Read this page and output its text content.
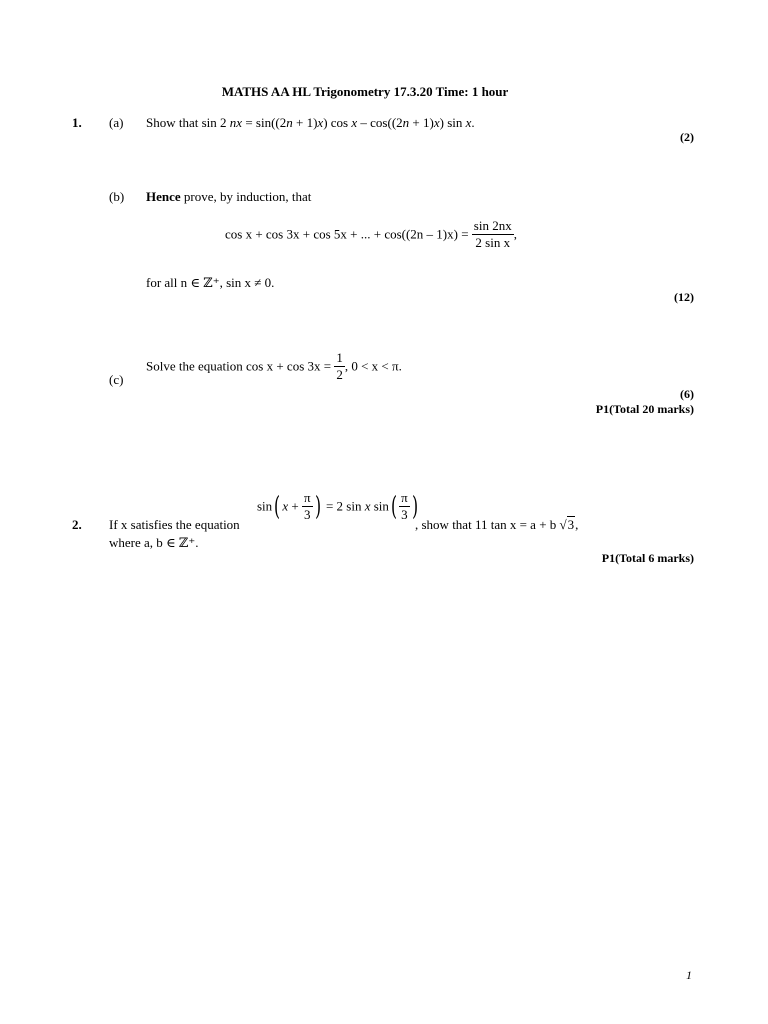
MATHS AA HL Trigonometry 17.3.20 Time: 1 hour
1. (a) Show that sin 2 nx = sin((2n + 1)x) cos x – cos((2n + 1)x) sin x.
(2)
(b) Hence prove, by induction, that
cos x + cos 3x + cos 5x + ... + $\cos((2n - 1)x) = \frac{\sin 2nx}{\text{2 sin x}}$ ,
for all n ∈ ℤ⁺, sin x ≠ 0.
(12)
(c)
Solve the equation $\cos x + \cos 3x = \frac{1}{2}$ , 0 < x < π.
(6)
P1(Total 20 marks)
2. If x satisfies the equation
sin( $x + \frac{\pi}{3}$ ) = 2 sin x $\sin( \frac{\pi}{3}$ )
, show that 11 tan x = a + b √3,
where a, b ∈ ℤ⁺.
P1(Total 6 marks)
1
